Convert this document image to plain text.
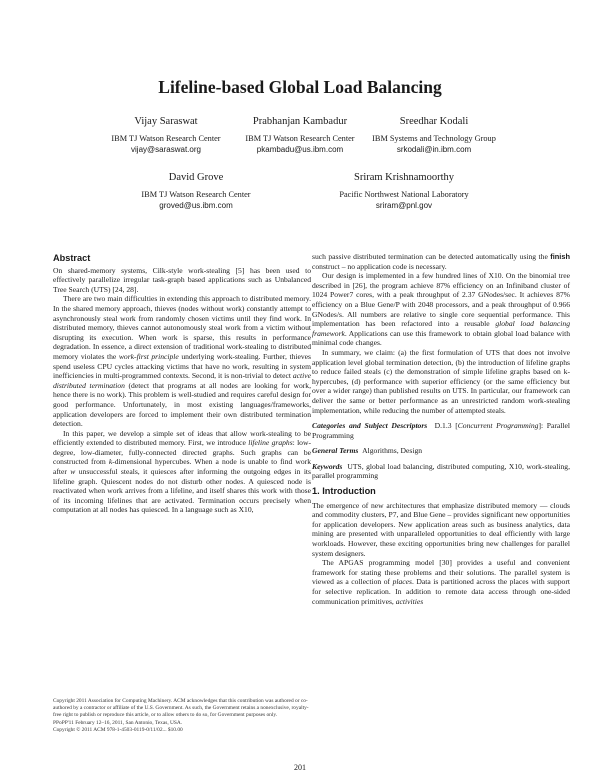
Lifeline-based Global Load Balancing
Vijay Saraswat
IBM TJ Watson Research Center
vijay@saraswat.org
Prabhanjan Kambadur
IBM TJ Watson Research Center
pkambadu@us.ibm.com
Sreedhar Kodali
IBM Systems and Technology Group
srkodali@in.ibm.com
David Grove
IBM TJ Watson Research Center
groved@us.ibm.com
Sriram Krishnamoorthy
Pacific Northwest National Laboratory
sriram@pnl.gov
Abstract

On shared-memory systems, Cilk-style work-stealing [5] has been used to effectively parallelize irregular task-graph based applications such as Unbalanced Tree Search (UTS) [24, 28].

There are two main difficulties in extending this approach to distributed memory. In the shared memory approach, thieves (nodes without work) constantly attempt to asynchronously steal work from randomly chosen victims until they find work. In distributed memory, thieves cannot autonomously steal work from a victim without disrupting its execution. When work is sparse, this results in performance degradation. In essence, a direct extension of traditional work-stealing to distributed memory violates the work-first principle underlying work-stealing. Further, thieves spend useless CPU cycles attacking victims that have no work, resulting in system inefficiencies in multi-programmed contexts. Second, it is non-trivial to detect active distributed termination (detect that programs at all nodes are looking for work, hence there is no work). This problem is well-studied and requires careful design for good performance. Unfortunately, in most existing languages/frameworks, application developers are forced to implement their own distributed termination detection.

In this paper, we develop a simple set of ideas that allow work-stealing to be efficiently extended to distributed memory. First, we introduce lifeline graphs: low-degree, low-diameter, fully-connected directed graphs. Such graphs can be constructed from k-dimensional hypercubes. When a node is unable to find work after w unsuccessful steals, it quiesces after informing the outgoing edges in its lifeline graph. Quiescent nodes do not disturb other nodes. A quiesced node is reactivated when work arrives from a lifeline, and itself shares this work with those of its incoming lifelines that are activated. Termination occurs precisely when computation at all nodes has quiesced. In a language such as X10,

such passive distributed termination can be detected automatically using the finish construct – no application code is necessary.

Our design is implemented in a few hundred lines of X10. On the binomial tree described in [26], the program achieve 87% efficiency on an Infiniband cluster of 1024 Power7 cores, with a peak throughput of 2.37 GNodes/sec. It achieves 87% efficiency on a Blue Gene/P with 2048 processors, and a peak throughput of 0.966 GNodes/s. All numbers are relative to single core sequential performance. This implementation has been refactored into a reusable global load balancing framework. Applications can use this framework to obtain global load balance with minimal code changes.

In summary, we claim: (a) the first formulation of UTS that does not involve application level global termination detection, (b) the introduction of lifeline graphs to reduce failed steals (c) the demonstration of simple lifeline graphs based on k-hypercubes, (d) performance with superior efficiency (or the same efficiency but over a wider range) than published results on UTS. In particular, our framework can deliver the same or better performance as an unrestricted random work-stealing implementation, while reducing the number of attempted steals.

Categories and Subject Descriptors D.1.3 [Concurrent Programming]: Parallel Programming

General Terms Algorithms, Design

Keywords UTS, global load balancing, distributed computing, X10, work-stealing, parallel programming

1. Introduction

The emergence of new architectures that emphasize distributed memory — clouds and commodity clusters, P7, and Blue Gene – provides significant new opportunities for application developers. New application areas such as business analytics, data mining are presented with unparalleled opportunities to deal efficiently with large workloads. However, these exciting opportunities bring new challenges for parallel system designers.

The APGAS programming model [30] provides a useful and convenient framework for stating these problems and their solutions. The parallel system is viewed as a collection of places. Data is partitioned across the places with support for selective replication. In addition to remote data access through one-sided communication primitives, activities

Copyright 2011 Association for Computing Machinery. ACM acknowledges that this contribution was authored or co-authored by a contractor or affiliate of the U.S. Government. As such, the Government retains a nonexclusive, royalty-free right to publish or reproduce this article, or to allow others to do so, for Government purposes only.
PPoPP'11 February 12–16, 2011, San Antonio, Texas, USA.
Copyright © 2011 ACM 978-1-4503-0119-0/11/02... $10.00
201
